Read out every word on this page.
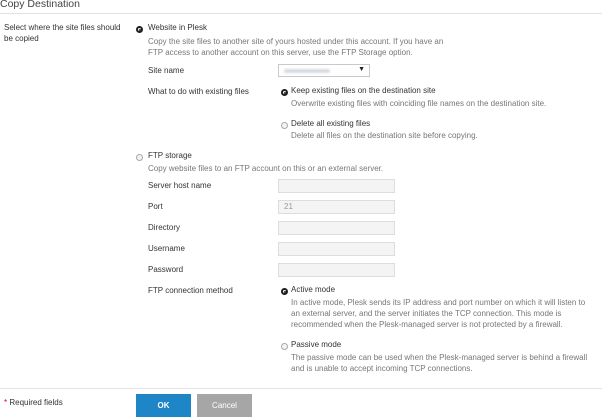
Copy Destination
Select where the site files should
be copied
Website in Plesk
Copy the site files to another site of yours hosted under this account. If you have an
FTP access to another account on this server, use the FTP Storage option.
Site name	▼
What to do with existing files	Keep existing files on the destination site
Overwrite existing files with coinciding file names on the destination site.
Delete all existing files
Delete all files on the destination site before copying.
FTP storage
Copy website files to an FTP account on this or an external server.
Server host name
Port	21
Directory
Username
Password
FTP connection method	Active mode
In active mode, Plesk sends its IP address and port number on which it will listen to
an external server, and the server initiates the TCP connection. This mode is
recommended when the Plesk-managed server is not protected by a firewall.
Passive mode
The passive mode can be used when the Plesk-managed server is behind a firewall
and is unable to accept incoming TCP connections.
* Required fields	OK	Cancel
